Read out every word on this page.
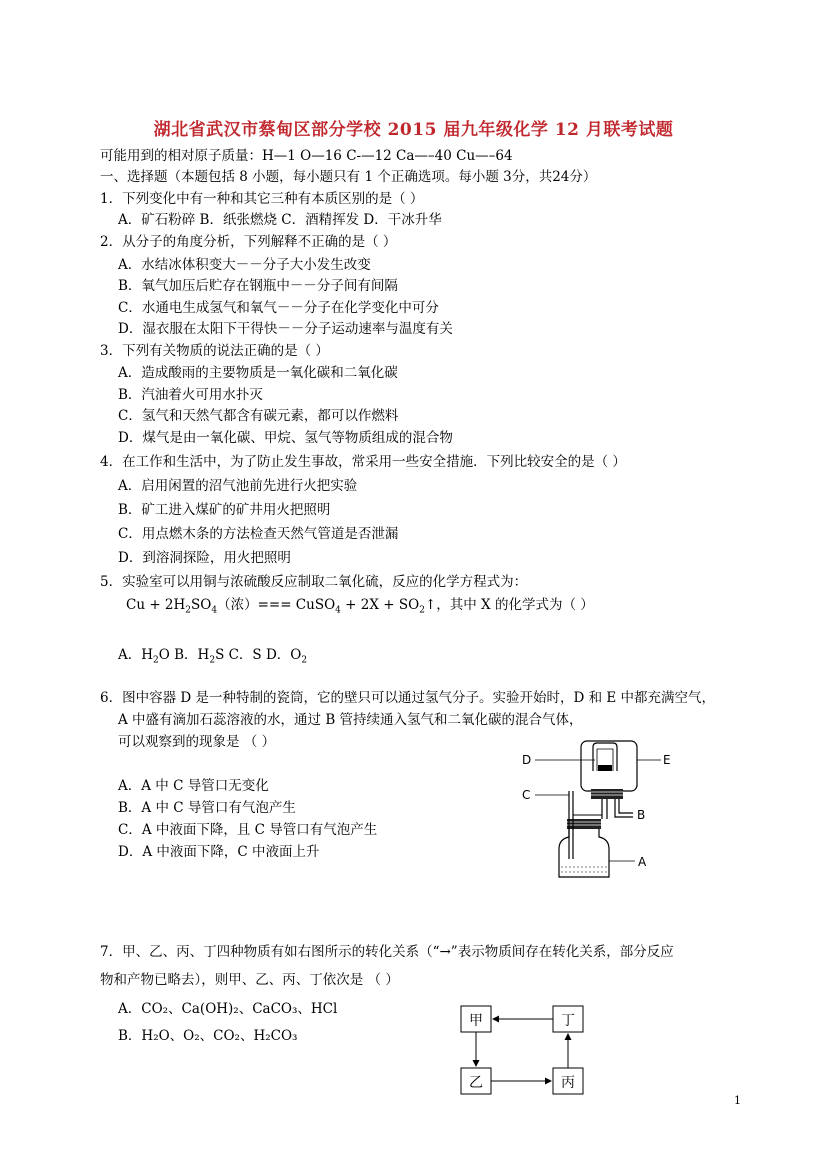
湖北省武汉市蔡甸区部分学校 2015 届九年级化学 12 月联考试题
可能用到的相对原子质量：H—1 O—16 C-—12 Ca—–40 Cu—–64
一、选择题（本题包括 8 小题，每小题只有 1 个正确选项。每小题 3分，共24分）
1．下列变化中有一种和其它三种有本质区别的是（ ）
A．矿石粉碎 B．纸张燃烧 C．酒精挥发 D．干冰升华
2．从分子的角度分析，下列解释不正确的是（ ）
A．水结冰体积变大－－分子大小发生改变
B．氧气加压后贮存在钢瓶中－－分子间有间隔
C．水通电生成氢气和氧气－－分子在化学变化中可分
D．湿衣服在太阳下干得快－－分子运动速率与温度有关
3．下列有关物质的说法正确的是（ ）
A．造成酸雨的主要物质是一氧化碳和二氧化碳
B．汽油着火可用水扑灭
C．氢气和天然气都含有碳元素，都可以作燃料
D．煤气是由一氧化碳、甲烷、氢气等物质组成的混合物
4．在工作和生活中，为了防止发生事故，常采用一些安全措施．下列比较安全的是（ ）
A．启用闲置的沼气池前先进行火把实验
B．矿工进入煤矿的矿井用火把照明
C．用点燃木条的方法检查天然气管道是否泄漏
D．到溶洞探险，用火把照明
5．实验室可以用铜与浓硫酸反应制取二氧化硫，反应的化学方程式为：
$Cu + 2H_2SO_4$（浓）=== CuSO$_4$ + $2X + SO_2↑$，其中 X 的化学式为（ ）
A．$H_2O$ B．$H_2S$ C．S D．$O_2$
6．图中容器 D 是一种特制的瓷筒，它的壁只可以通过氢气分子。实验开始时，D 和 E 中都充满空气，
A 中盛有滴加石蕊溶液的水，通过 B 管持续通入氢气和二氧化碳的混合气体，
可以观察到的现象是 （ ）
A．A 中 C 导管口无变化
B．A 中 C 导管口有气泡产生
C．A 中液面下降，且 C 导管口有气泡产生
D．A 中液面下降，C 中液面上升
D	E
C
B
A
7．甲、乙、丙、丁四种物质有如右图所示的转化关系（“→”表示物质间存在转化关系，部分反应
物和产物已略去），则甲、乙、丙、丁依次是 （ ）
A．CO₂、Ca(OH)₂、CaCO₃、HCl
B．H₂O、O₂、CO₂、H₂CO₃
甲	丁
乙	丙
1
